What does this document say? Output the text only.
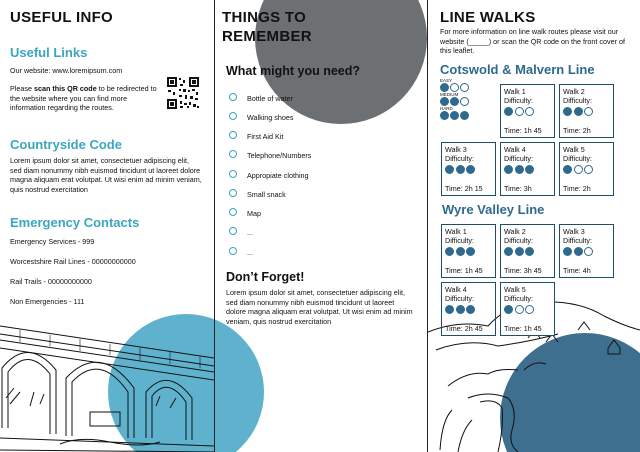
USEFUL INFO
Useful Links
Our website: www.loremipsum.com
Please scan this QR code to be redirected to the website where you can find more information regarding the routes.
Countryside Code
Lorem ipsum dolor sit amet, consectetuer adipiscing elit, sed diam nonummy nibh euismod tincidunt ut laoreet dolore magna aliquam erat volutpat. Ut wisi enim ad minim veniam, quis nostrud exercitation
Emergency Contacts
Emergency Services - 999
Worcestshire Rail Lines - 00000000000
Rail Trails - 00000000000
Non Emergencies - 111
THINGS TO
REMEMBER
What might you need?
Bottle of water
Walking shoes
First Aid Kit
Telephone/Numbers
Appropiate clothing
Small snack
Map
...
...
Don’t Forget!
Lorem ipsum dolor sit amet, consectetuer adipiscing elit, sed diam nonummy nibh euismod tincidunt ut laoreet dolore magna aliquam erat volutpat. Ut wisi enim ad minim veniam, quis nostrud exercitation
LINE WALKS
For more information on line walk routes please visit our website (_____) or scan the QR code on the front cover of this leaflet.
Cotswold & Malvern Line
EASY
MEDIUM
HARD
Walk 1
Difficulty:
Time: 1h 45
Walk 2
Difficulty:
Time: 2h
Walk 3
Difficulty:
Time: 2h 15
Walk 4
Difficulty:
Time: 3h
Walk 5
Difficulty:
Time: 2h
Wyre Valley Line
Walk 1
Difficulty:
Time: 1h 45
Walk 2
Difficulty:
Time: 3h 45
Walk 3
Difficulty:
Time: 4h
Walk 4
Difficulty:
Time: 2h 45
Walk 5
Difficulty:
Time: 1h 45
